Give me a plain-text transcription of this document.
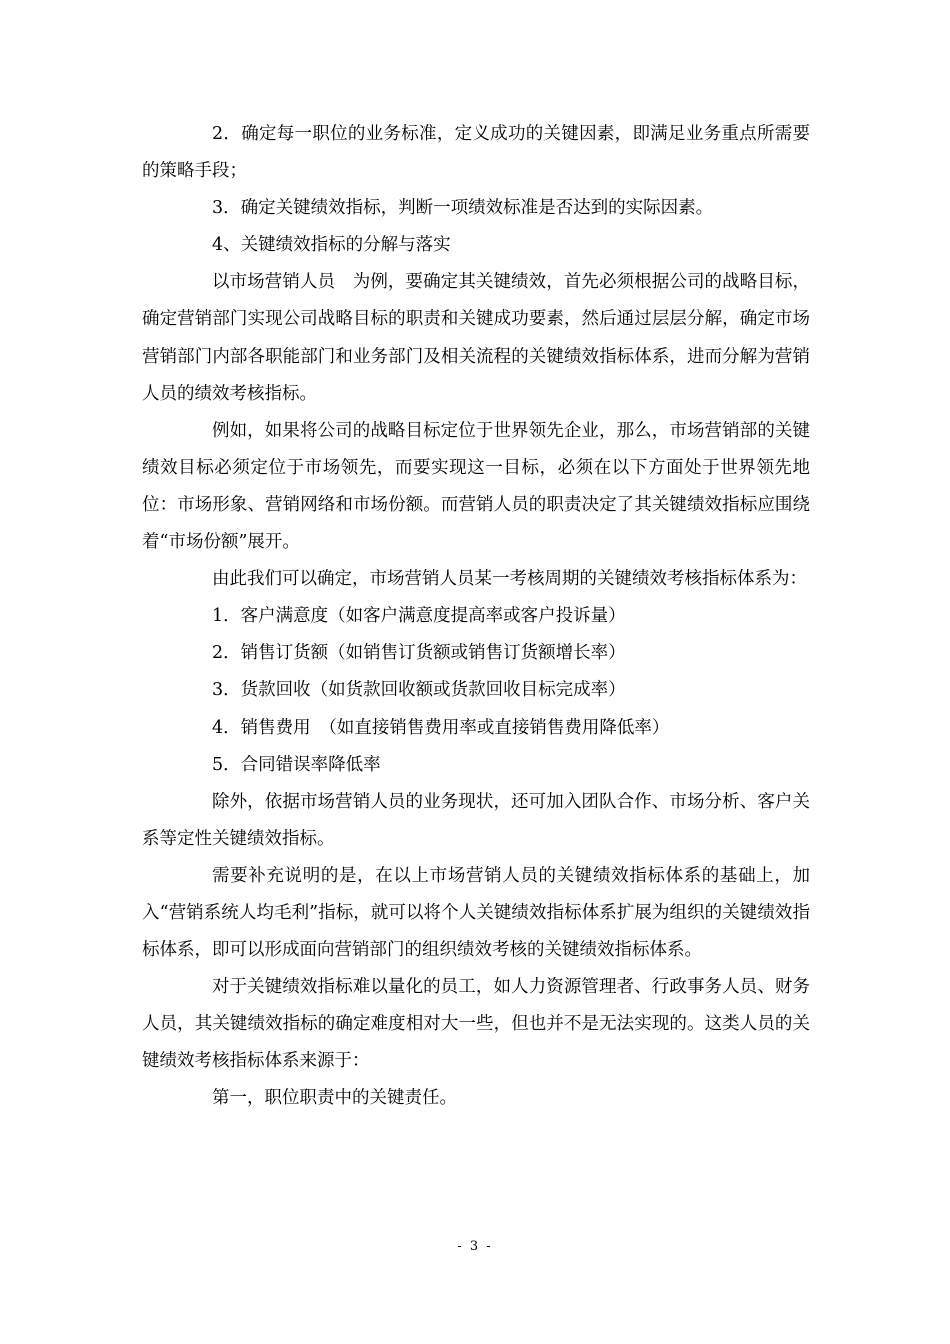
2．确定每一职位的业务标准，定义成功的关键因素，即满足业务重点所需要的策略手段；

3．确定关键绩效指标，判断一项绩效标准是否达到的实际因素。

4、关键绩效指标的分解与落实

以市场营销人员　为例，要确定其关键绩效，首先必须根据公司的战略目标，确定营销部门实现公司战略目标的职责和关键成功要素，然后通过层层分解，确定市场营销部门内部各职能部门和业务部门及相关流程的关键绩效指标体系，进而分解为营销人员的绩效考核指标。

例如，如果将公司的战略目标定位于世界领先企业，那么，市场营销部的关键绩效目标必须定位于市场领先，而要实现这一目标，必须在以下方面处于世界领先地位：市场形象、营销网络和市场份额。而营销人员的职责决定了其关键绩效指标应围绕着“市场份额”展开。

由此我们可以确定，市场营销人员某一考核周期的关键绩效考核指标体系为：

1．客户满意度（如客户满意度提高率或客户投诉量）

2．销售订货额（如销售订货额或销售订货额增长率）

3．货款回收（如货款回收额或货款回收目标完成率）

4．销售费用　（如直接销售费用率或直接销售费用降低率）

5．合同错误率降低率

除外，依据市场营销人员的业务现状，还可加入团队合作、市场分析、客户关系等定性关键绩效指标。

需要补充说明的是，在以上市场营销人员的关键绩效指标体系的基础上，加入“营销系统人均毛利”指标，就可以将个人关键绩效指标体系扩展为组织的关键绩效指标体系，即可以形成面向营销部门的组织绩效考核的关键绩效指标体系。

对于关键绩效指标难以量化的员工，如人力资源管理者、行政事务人员、财务人员，其关键绩效指标的确定难度相对大一些，但也并不是无法实现的。这类人员的关键绩效考核指标体系来源于：

第一，职位职责中的关键责任。

- 3 -
